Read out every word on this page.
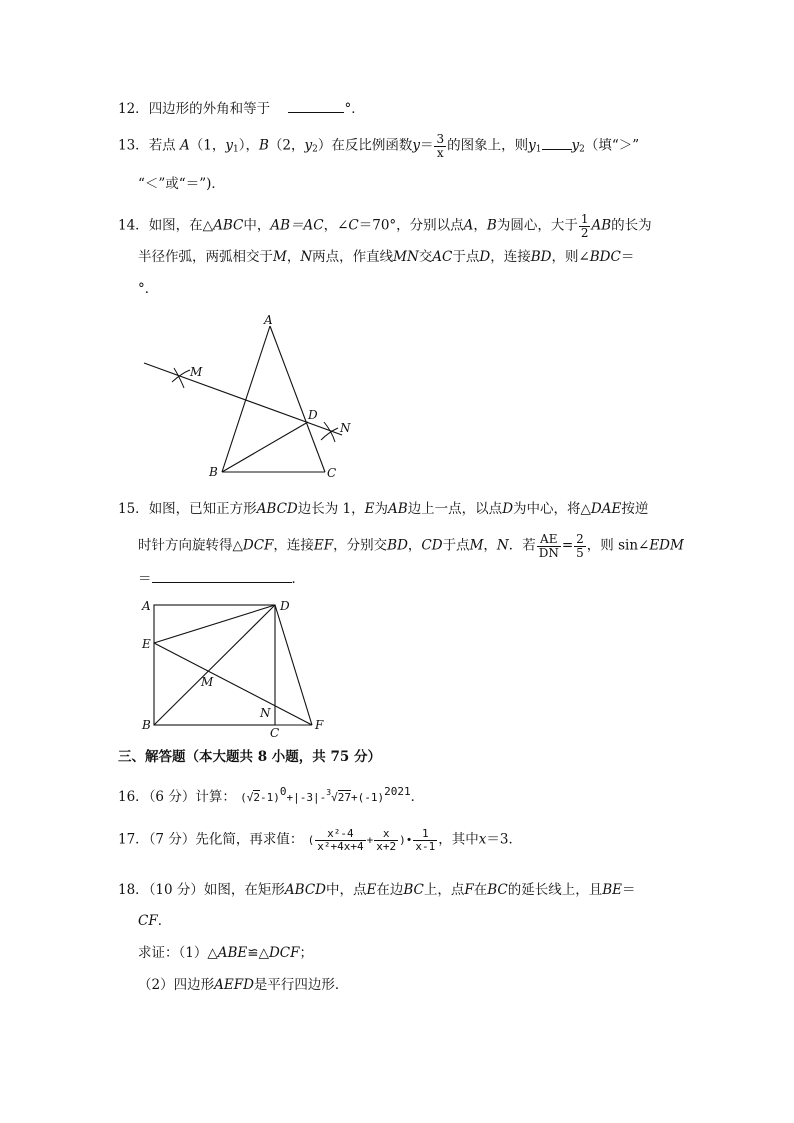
12．四边形的外角和等于	°．
13．若点 A（1，$y_1$），B（2，$y_2$）在反比例函数$y= \frac{3}{x}$ 的图象上，则$y_1$ $y_2$（填“＞”
“＜”或“＝”)．
14．如图，在△ABC中，AB＝AC，∠C＝70°，分别以点A，B为圆心，大于 $\frac{1}{2}$ AB的长为
半径作弧，两弧相交于M，N两点，作直线MN交AC于点D，连接BD，则∠BDC＝
°．
A
B	C
D
M
N
15．如图，已知正方形ABCD边长为 1，E为AB边上一点，以点D为中心，将△DAE按逆
时针方向旋转得△DCF，连接EF，分别交BD，CD于点M，N．若 $\frac{AE}{DN} = \frac{2}{5}$ ，则 sin∠EDM
＝	．
A	D
E
M
N
B
C
F
三、解答题（本大题共 8 小题，共 75 分）
16．（6 分）计算： $(√2-1)^0+|-3|-^3√27+(-1)^{2021}$．
17．（7 分）先化简，再求值： ( $\frac{\text{x²-4}}{\text{x²+4x+4}} + \frac{x}{x+2}$ )• $\frac{1}{x-1}$ ，其中x＝3．
18．（10 分）如图，在矩形ABCD中，点E在边BC上，点F在BC的延长线上，且BE＝
CF．
求证：（1）△ABE≌△DCF；
（2）四边形AEFD是平行四边形．
